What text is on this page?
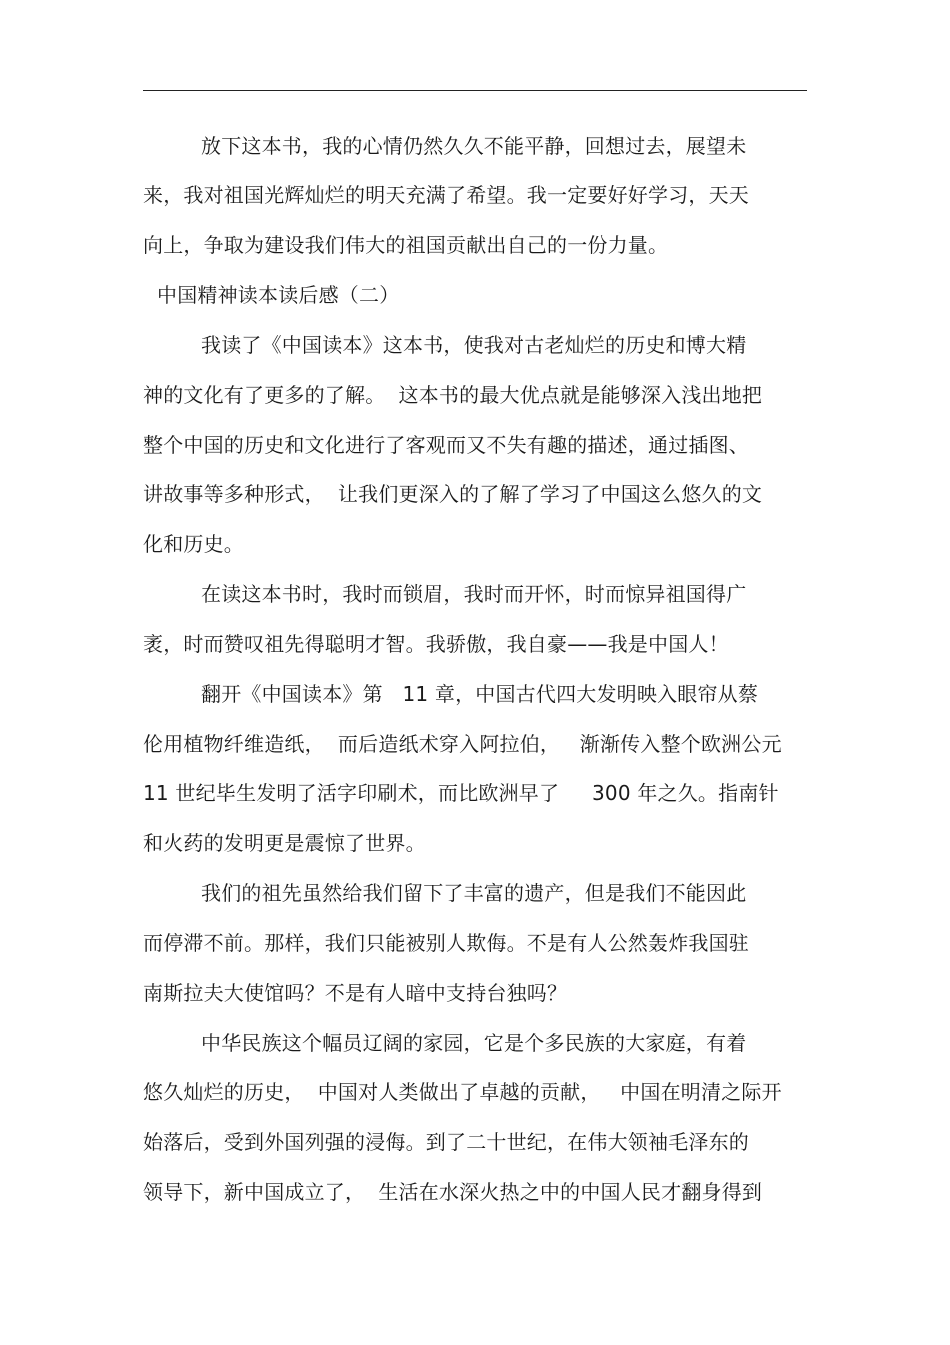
放下这本书，我的心情仍然久久不能平静，回想过去，展望未
来，我对祖国光辉灿烂的明天充满了希望。我一定要好好学习，天天
向上，争取为建设我们伟大的祖国贡献出自己的一份力量。
中国精神读本读后感（二）
我读了《中国读本》这本书，使我对古老灿烂的历史和博大精
神的文化有了更多的了解。  这本书的最大优点就是能够深入浅出地把
整个中国的历史和文化进行了客观而又不失有趣的描述，通过插图、
讲故事等多种形式，  让我们更深入的了解了学习了中国这么悠久的文
化和历史。
在读这本书时，我时而锁眉，我时而开怀，时而惊异祖国得广
袤，时而赞叹祖先得聪明才智。我骄傲，我自豪——我是中国人！
翻开《中国读本》第   11 章，中国古代四大发明映入眼帘从蔡
伦用植物纤维造纸，  而后造纸术穿入阿拉伯，   渐渐传入整个欧洲公元
11 世纪毕生发明了活字印刷术，而比欧洲早了     300 年之久。指南针
和火药的发明更是震惊了世界。
我们的祖先虽然给我们留下了丰富的遗产，但是我们不能因此
而停滞不前。那样，我们只能被别人欺侮。不是有人公然轰炸我国驻
南斯拉夫大使馆吗？不是有人暗中支持台独吗？
中华民族这个幅员辽阔的家园，它是个多民族的大家庭，有着
悠久灿烂的历史，  中国对人类做出了卓越的贡献，   中国在明清之际开
始落后，受到外国列强的浸侮。到了二十世纪，在伟大领袖毛泽东的
领导下，新中国成立了，  生活在水深火热之中的中国人民才翻身得到
